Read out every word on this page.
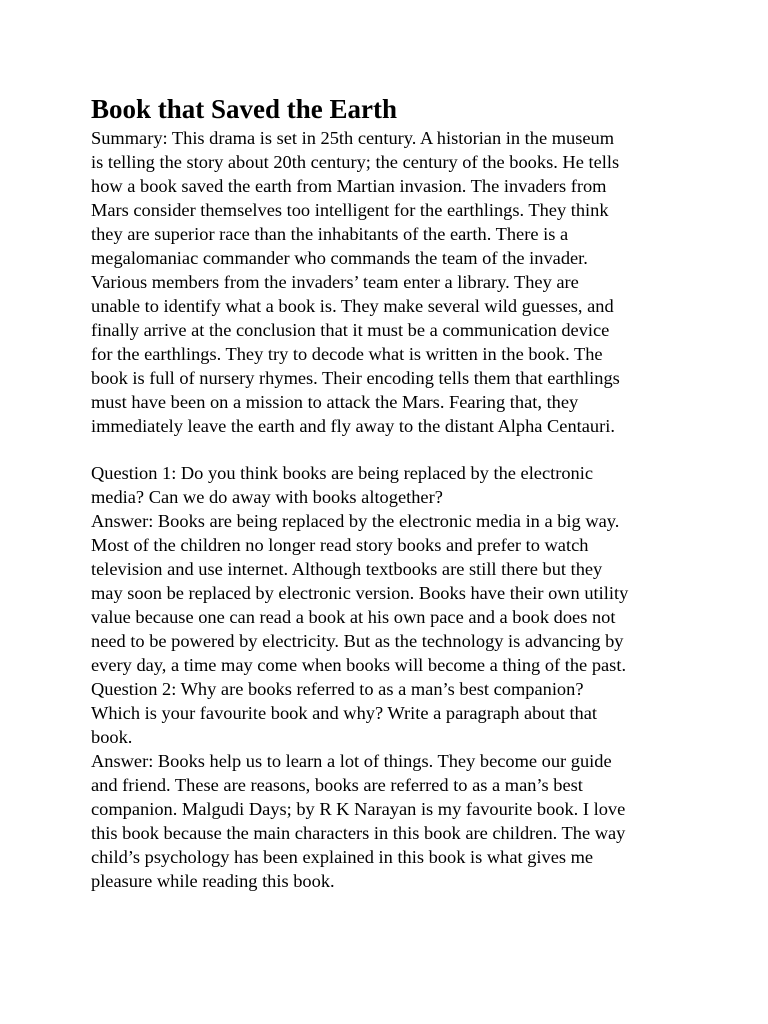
Book that Saved the Earth
Summary: This drama is set in 25th century. A historian in the museum
is telling the story about 20th century; the century of the books. He tells
how a book saved the earth from Martian invasion. The invaders from
Mars consider themselves too intelligent for the earthlings. They think
they are superior race than the inhabitants of the earth. There is a
megalomaniac commander who commands the team of the invader.
Various members from the invaders’ team enter a library. They are
unable to identify what a book is. They make several wild guesses, and
finally arrive at the conclusion that it must be a communication device
for the earthlings. They try to decode what is written in the book. The
book is full of nursery rhymes. Their encoding tells them that earthlings
must have been on a mission to attack the Mars. Fearing that, they
immediately leave the earth and fly away to the distant Alpha Centauri.
Question 1: Do you think books are being replaced by the electronic
media? Can we do away with books altogether?
Answer: Books are being replaced by the electronic media in a big way.
Most of the children no longer read story books and prefer to watch
television and use internet. Although textbooks are still there but they
may soon be replaced by electronic version. Books have their own utility
value because one can read a book at his own pace and a book does not
need to be powered by electricity. But as the technology is advancing by
every day, a time may come when books will become a thing of the past.
Question 2: Why are books referred to as a man’s best companion?
Which is your favourite book and why? Write a paragraph about that
book.
Answer: Books help us to learn a lot of things. They become our guide
and friend. These are reasons, books are referred to as a man’s best
companion. Malgudi Days; by R K Narayan is my favourite book. I love
this book because the main characters in this book are children. The way
child’s psychology has been explained in this book is what gives me
pleasure while reading this book.
